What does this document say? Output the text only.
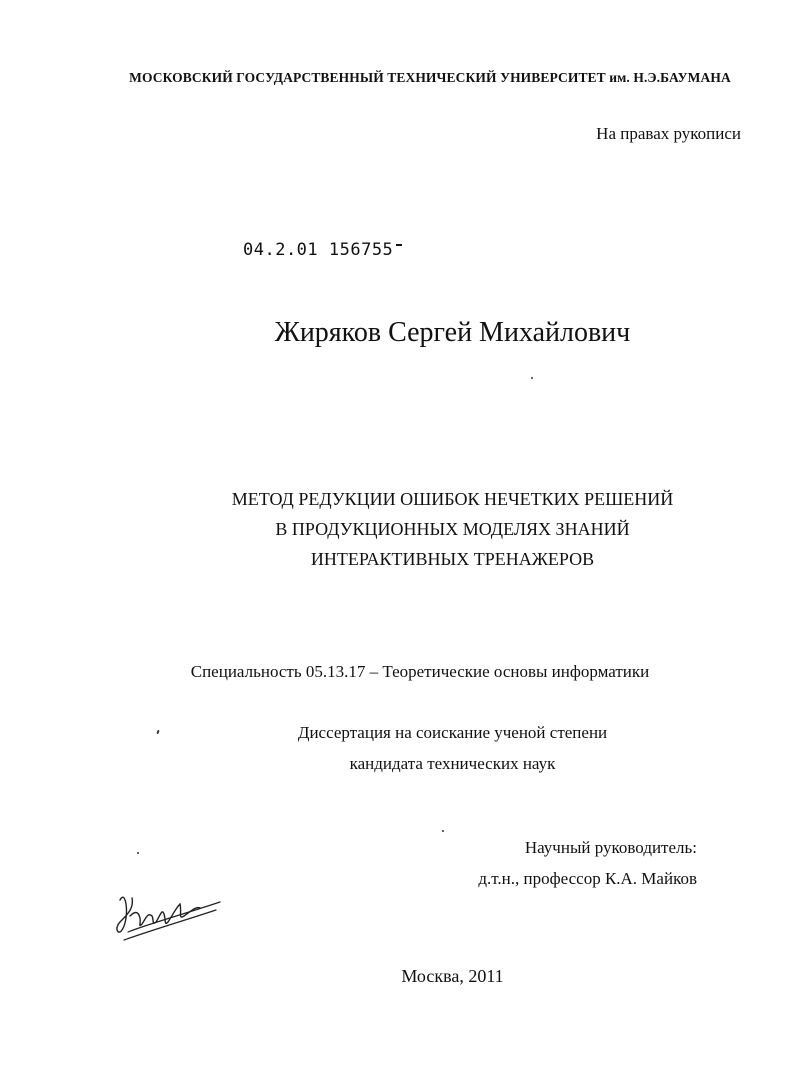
МОСКОВСКИЙ ГОСУДАРСТВЕННЫЙ ТЕХНИЧЕСКИЙ УНИВЕРСИТЕТ им. Н.Э.БАУМАНА
На правах рукописи
04.2.01 156755
Жиряков Сергей Михайлович
МЕТОД РЕДУКЦИИ ОШИБОК НЕЧЕТКИХ РЕШЕНИЙ
В ПРОДУКЦИОННЫХ МОДЕЛЯХ ЗНАНИЙ
ИНТЕРАКТИВНЫХ ТРЕНАЖЕРОВ
Специальность 05.13.17 – Теоретические основы информатики
Диссертация на соискание ученой степени
кандидата технических наук
Научный руководитель:
д.т.н., профессор К.А. Майков
Москва, 2011
